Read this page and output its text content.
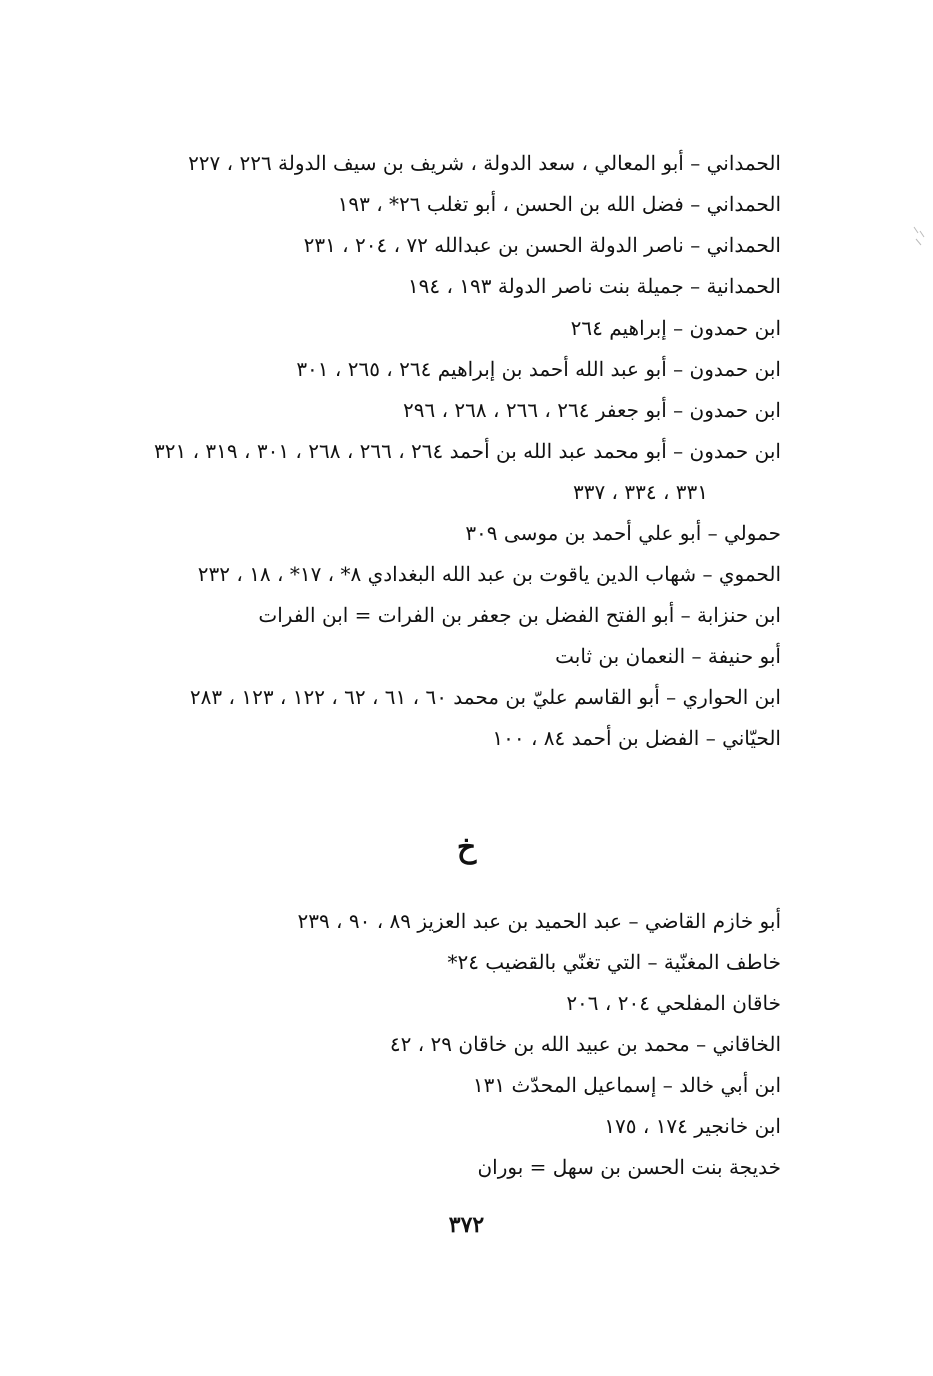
الحمداني – أبو المعالي ، سعد الدولة ، شريف بن سيف الدولة ٢٢٦ ، ٢٢٧
الحمداني – فضل الله بن الحسن ، أبو تغلب ٢٦* ، ١٩٣
الحمداني – ناصر الدولة الحسن بن عبدالله ٧٢ ، ٢٠٤ ، ٢٣١
الحمدانية – جميلة بنت ناصر الدولة ١٩٣ ، ١٩٤
ابن حمدون – إبراهيم ٢٦٤
ابن حمدون – أبو عبد الله أحمد بن إبراهيم ٢٦٤ ، ٢٦٥ ، ٣٠١
ابن حمدون – أبو جعفر ٢٦٤ ، ٢٦٦ ، ٢٦٨ ، ٢٩٦
ابن حمدون – أبو محمد عبد الله بن أحمد ٢٦٤ ، ٢٦٦ ، ٢٦٨ ، ٣٠١ ، ٣١٩ ، ٣٢١
٣٣١ ، ٣٣٤ ، ٣٣٧
حمولي – أبو علي أحمد بن موسى ٣٠٩
الحموي – شهاب الدين ياقوت بن عبد الله البغدادي ٨* ، ١٧* ، ١٨ ، ٢٣٢
ابن حنزابة – أبو الفتح الفضل بن جعفر بن الفرات = ابن الفرات
أبو حنيفة – النعمان بن ثابت
ابن الحواري – أبو القاسم عليّ بن محمد ٦٠ ، ٦١ ، ٦٢ ، ١٢٢ ، ١٢٣ ، ٢٨٣
الحيّاني – الفضل بن أحمد ٨٤ ، ١٠٠
خ
أبو خازم القاضي – عبد الحميد بن عبد العزيز ٨٩ ، ٩٠ ، ٢٣٩
خاطف المغنّية – التي تغنّي بالقضيب ٢٤*
خاقان المفلحي ٢٠٤ ، ٢٠٦
الخاقاني – محمد بن عبيد الله بن خاقان ٢٩ ، ٤٢
ابن أبي خالد – إسماعيل المحدّث ١٣١
ابن خانجير ١٧٤ ، ١٧٥
خديجة بنت الحسن بن سهل = بوران
٣٧٢
